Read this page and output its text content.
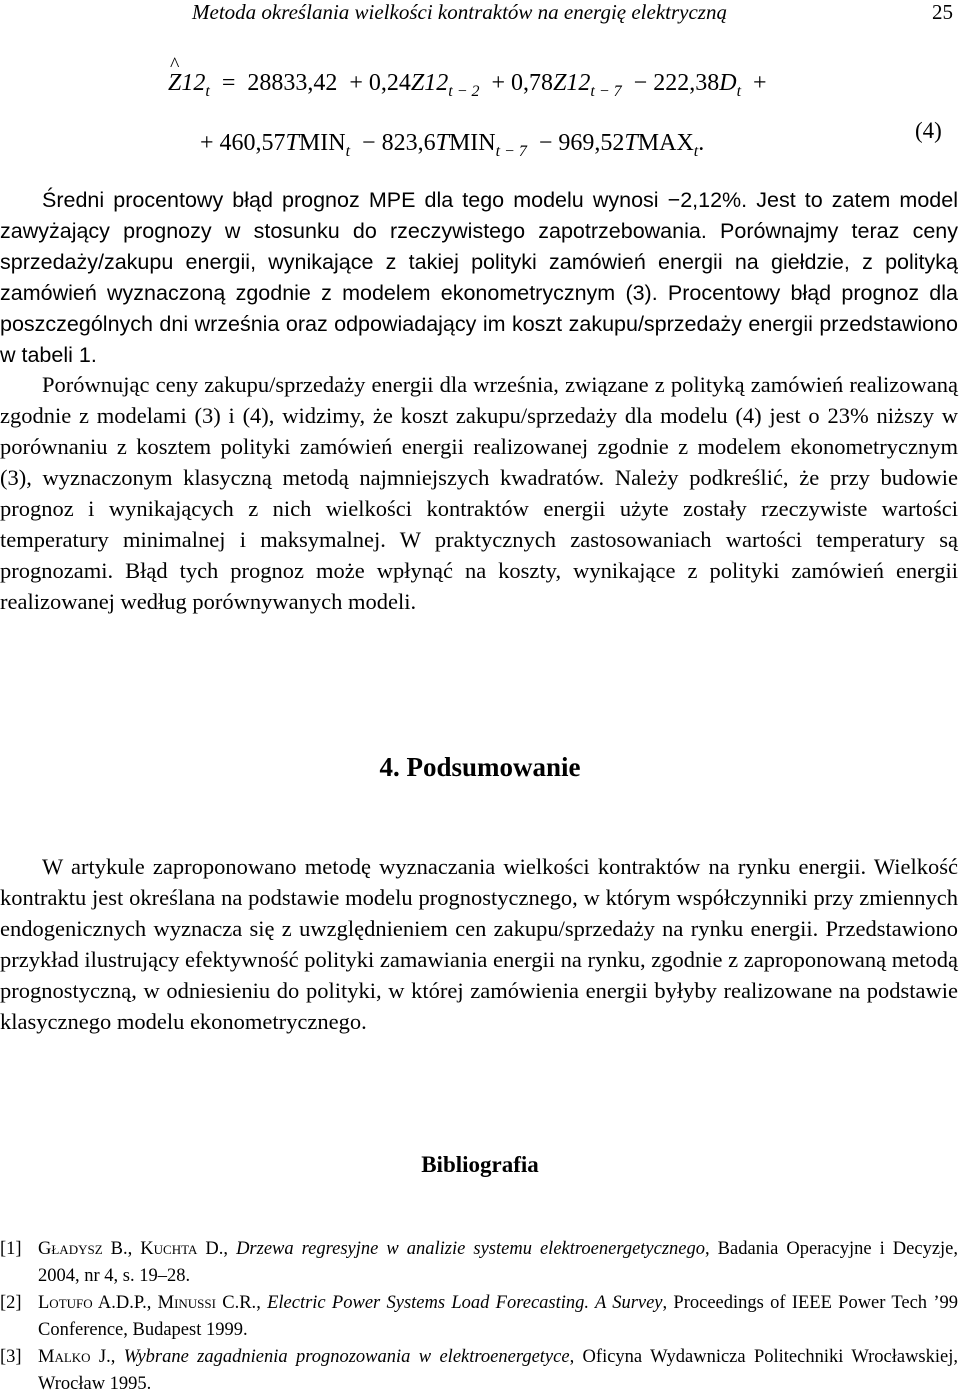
Metoda określania wielkości kontraktów na energię elektryczną	25
^ $Z12_t = 28833,42 + 0,24Z12_{t - 2} + 0,78Z12_{t - 7} - 222,38D_t$ +
+ $460,57TMIN_t$ − $823,6TMIN_{t - 7}$ − $969,52TMAX_t$.	(4)

Średni procentowy błąd prognoz MPE dla tego modelu wynosi −2,12%. Jest to zatem model zawyżający prognozy w stosunku do rzeczywistego zapotrzebowania. Porównajmy teraz ceny sprzedaży/zakupu energii, wynikające z takiej polityki zamówień energii na giełdzie, z polityką zamówień wyznaczoną zgodnie z modelem ekonometrycznym (3). Procentowy błąd prognoz dla poszczególnych dni września oraz odpowiadający im koszt zakupu/sprzedaży energii przedstawiono w tabeli 1.

Porównując ceny zakupu/sprzedaży energii dla września, związane z polityką zamówień realizowaną zgodnie z modelami (3) i (4), widzimy, że koszt zakupu/sprzedaży dla modelu (4) jest o 23% niższy w porównaniu z kosztem polityki zamówień energii realizowanej zgodnie z modelem ekonometrycznym (3), wyznaczonym klasyczną metodą najmniejszych kwadratów. Należy podkreślić, że przy budowie prognoz i wynikających z nich wielkości kontraktów energii użyte zostały rzeczywiste wartości temperatury minimalnej i maksymalnej. W praktycznych zastosowaniach wartości temperatury są prognozami. Błąd tych prognoz może wpłynąć na koszty, wynikające z polityki zamówień energii realizowanej według porównywanych modeli.

4. Podsumowanie

W artykule zaproponowano metodę wyznaczania wielkości kontraktów na rynku energii. Wielkość kontraktu jest określana na podstawie modelu prognostycznego, w którym współczynniki przy zmiennych endogenicznych wyznacza się z uwzględnieniem cen zakupu/sprzedaży na rynku energii. Przedstawiono przykład ilustrujący efektywność polityki zamawiania energii na rynku, zgodnie z zaproponowaną metodą prognostyczną, w odniesieniu do polityki, w której zamówienia energii byłyby realizowane na podstawie klasycznego modelu ekonometrycznego.

Bibliografia
[1] Gładysz B., Kuchta D., Drzewa regresyjne w analizie systemu elektroenergetycznego, Badania Operacyjne i Decyzje, 2004, nr 4, s. 19–28.
[2] Lotufo A.D.P., Minussi C.R., Electric Power Systems Load Forecasting. A Survey, Proceedings of IEEE Power Tech ’99 Conference, Budapest 1999.
[3] Malko J., Wybrane zagadnienia prognozowania w elektroenergetyce, Oficyna Wydawnicza Politechniki Wrocławskiej, Wrocław 1995.
